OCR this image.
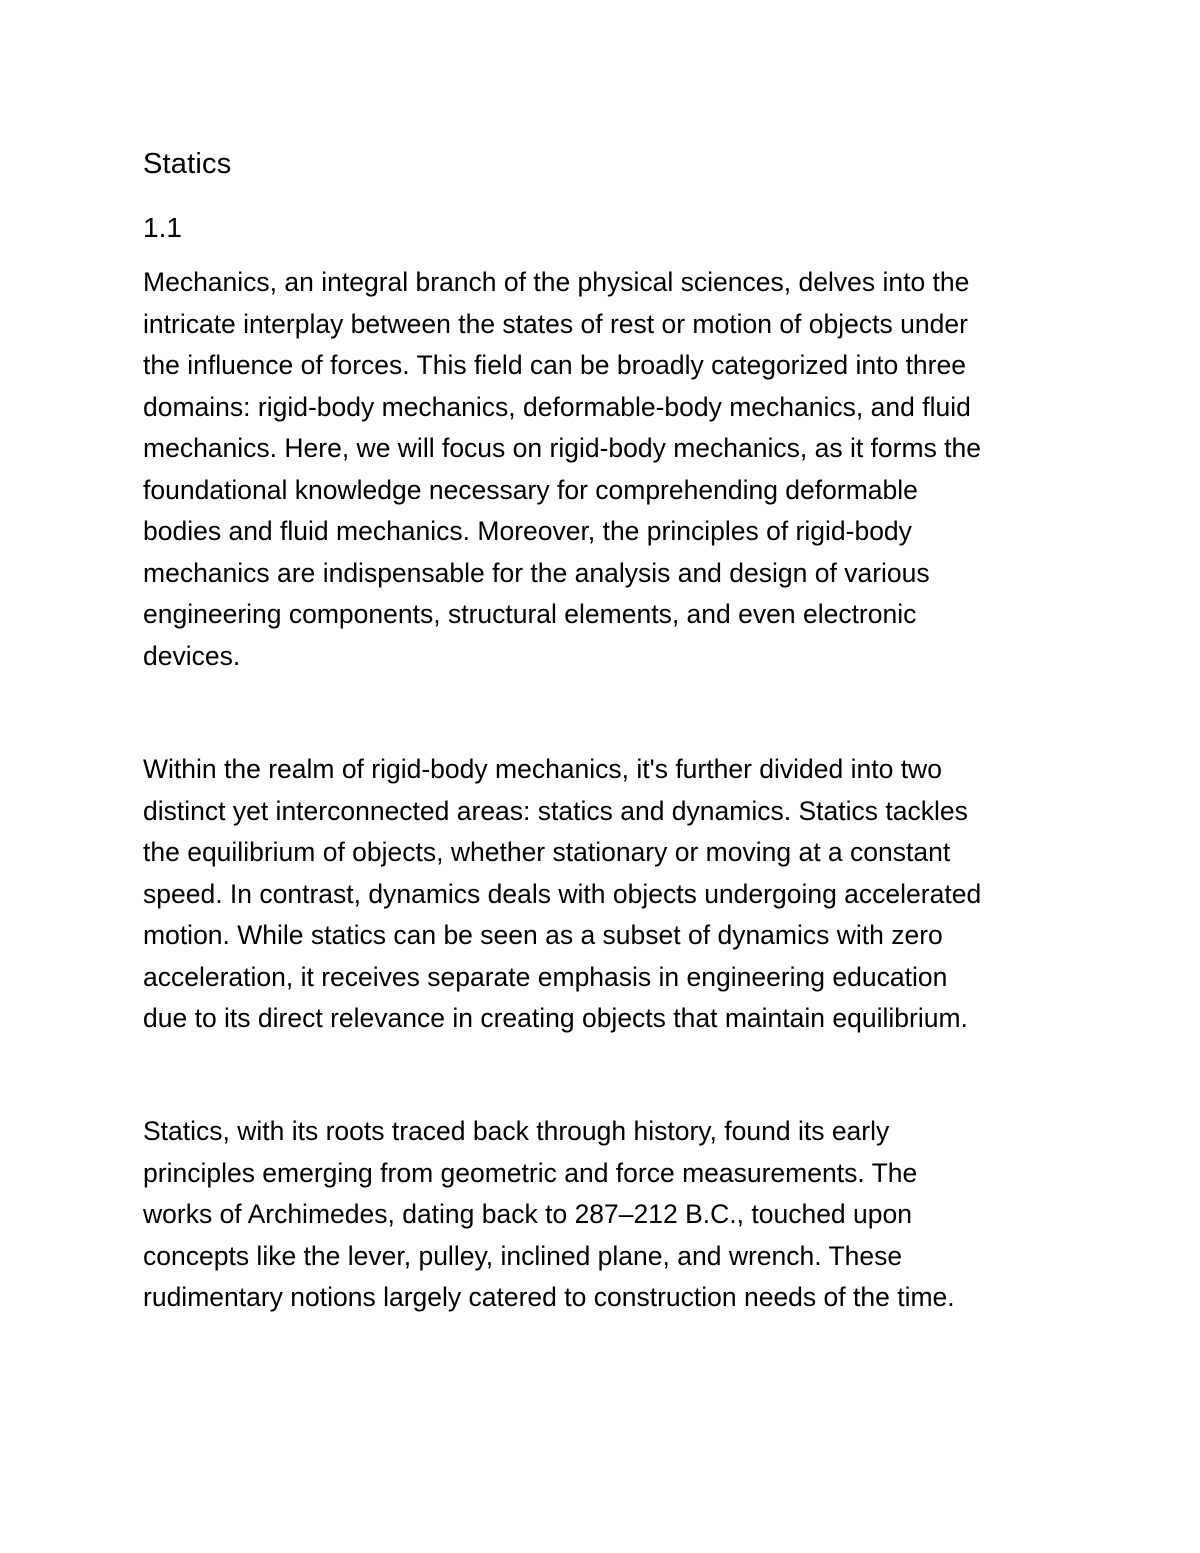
Statics
1.1
Mechanics, an integral branch of the physical sciences, delves into the
intricate interplay between the states of rest or motion of objects under
the influence of forces. This field can be broadly categorized into three
domains: rigid-body mechanics, deformable-body mechanics, and fluid
mechanics. Here, we will focus on rigid-body mechanics, as it forms the
foundational knowledge necessary for comprehending deformable
bodies and fluid mechanics. Moreover, the principles of rigid-body
mechanics are indispensable for the analysis and design of various
engineering components, structural elements, and even electronic
devices.
Within the realm of rigid-body mechanics, it's further divided into two
distinct yet interconnected areas: statics and dynamics. Statics tackles
the equilibrium of objects, whether stationary or moving at a constant
speed. In contrast, dynamics deals with objects undergoing accelerated
motion. While statics can be seen as a subset of dynamics with zero
acceleration, it receives separate emphasis in engineering education
due to its direct relevance in creating objects that maintain equilibrium.
Statics, with its roots traced back through history, found its early
principles emerging from geometric and force measurements. The
works of Archimedes, dating back to 287–212 B.C., touched upon
concepts like the lever, pulley, inclined plane, and wrench. These
rudimentary notions largely catered to construction needs of the time.
